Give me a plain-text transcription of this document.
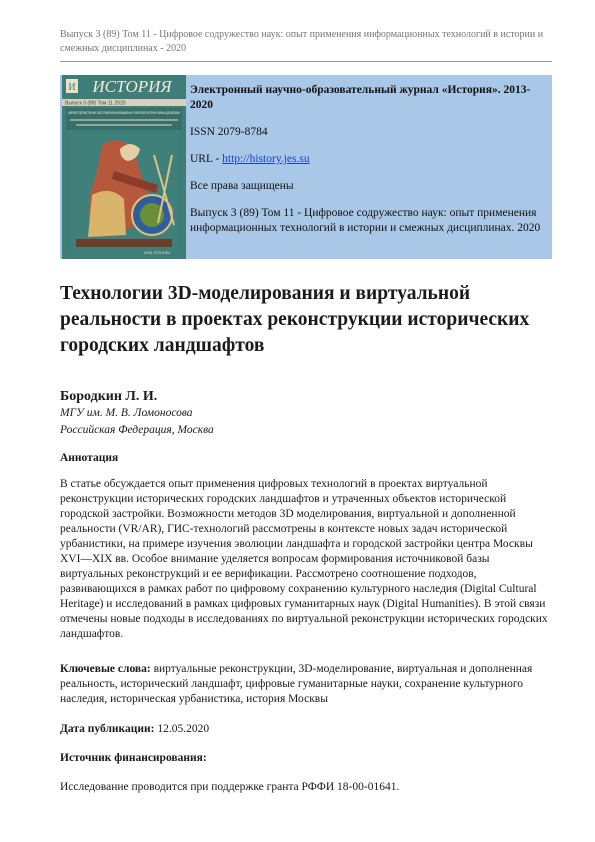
Выпуск 3 (89) Том 11 - Цифровое содружество наук: опыт применения информационных технологий в истории и смежных дисциплинах - 2020
И ИСТОРИЯ
Выпуск 3 (89) Том 11 2020
ЦИФРОВОЕ СОДРУЖЕСТВО НАУК: ОПЫТ ПРИМЕНЕНИЯ ИНФОРМАЦИОННЫХ ТЕХНОЛОГИЙ В ИСТОРИИ И СМЕЖНЫХ ДИСЦИПЛИНАХ
ISSN 2079-8784

Электронный научно-образовательный журнал «История». 2013-2020

ISSN 2079-8784

URL - http://history.jes.su

Все права защищены

Выпуск 3 (89) Том 11 - Цифровое содружество наук: опыт применения информационных технологий в истории и смежных дисциплинах. 2020

Технологии 3D-моделирования и виртуальной реальности в проектах реконструкции исторических городских ландшафтов
Бородкин Л. И.
МГУ им. М. В. Ломоносова
Российская Федерация, Москва
Аннотация

В статье обсуждается опыт применения цифровых технологий в проектах виртуальной реконструкции исторических городских ландшафтов и утраченных объектов исторической городской застройки. Возможности методов 3D моделирования, виртуальной и дополненной реальности (VR/AR), ГИС-технологий рассмотрены в контексте новых задач исторической урбанистики, на примере изучения эволюции ландшафта и городской застройки центра Москвы XVI—XIX вв. Особое внимание уделяется вопросам формирования источниковой базы виртуальных реконструкций и ее верификации. Рассмотрено соотношение подходов, развивающихся в рамках работ по цифровому сохранению культурного наследия (Digital Cultural Heritage) и исследований в рамках цифровых гуманитарных наук (Digital Humanities). В этой связи отмечены новые подходы в исследованиях по виртуальной реконструкции исторических городских ландшафтов.

Ключевые слова: виртуальные реконструкции, 3D-моделирование, виртуальная и дополненная реальность, исторический ландшафт, цифровые гуманитарные науки, сохранение культурного наследия, историческая урбанистика, история Москвы

Дата публикации: 12.05.2020

Источник финансирования:

Исследование проводится при поддержке гранта РФФИ 18-00-01641.
